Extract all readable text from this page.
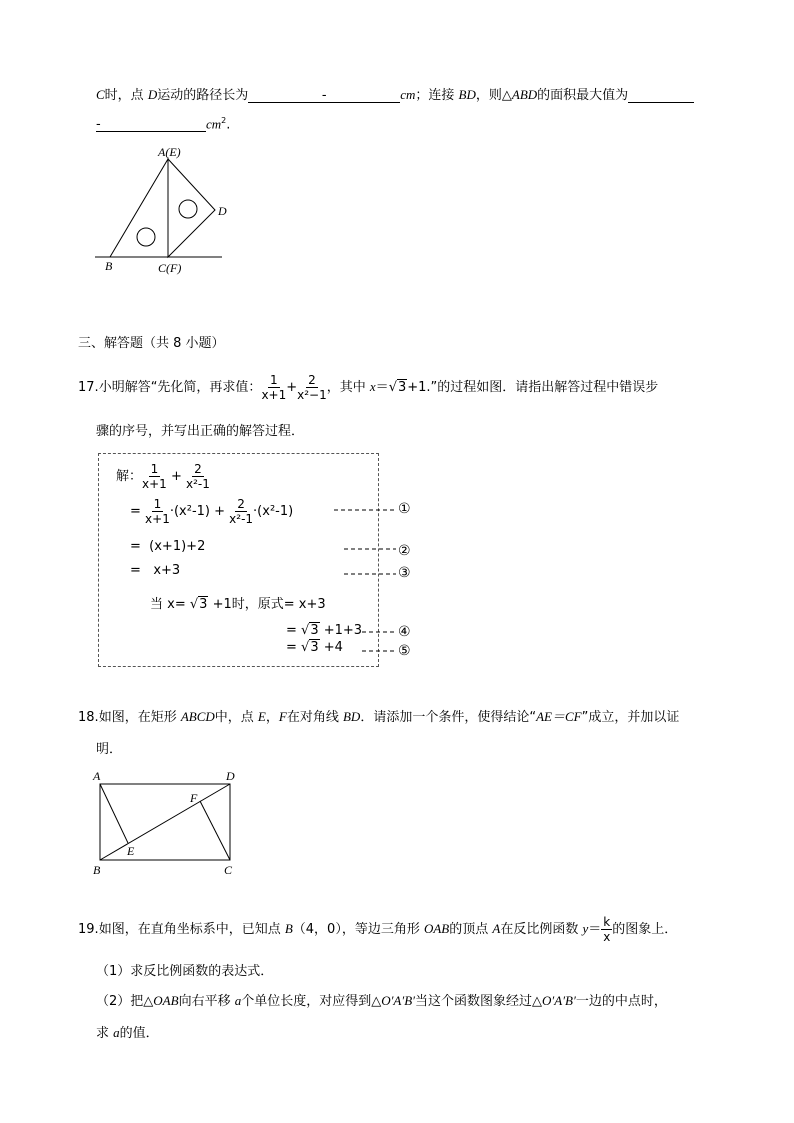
C时，点 D运动的路径长为	-	cm；连接 BD，则△ABD的面积最大值为
-	$cm^2$.
A(E)
D
B	C(F)
三、解答题（共 8 小题）
17.小明解答“先化简，再求值： $\frac{1}{x+1} + \frac{2}{\text{x²−1}}$ ，其中 x＝√3+1.”的过程如图．请指出解答过程中错误步
骤的序号，并写出正确的解答过程．
解： $\frac{1}{x+1} + \frac{2}{\text{x²-1}}$
= $\frac{1}{x+1} \cdot(x^2-1) + \frac{2}{\text{x²-1}} \cdot(x^2-1)$
= (x+1)+2
= x+3
当 x= √3 +1时，原式= x+3
= √3 +1+3
= √3 +4
①
②
③
④
⑤
18.如图，在矩形 ABCD中，点 E，F在对角线 BD．请添加一个条件，使得结论“AE＝CF”成立，并加以证
明．
A	D
F
E
B	C
19.如图，在直角坐标系中，已知点 B（4，0），等边三角形 OAB的顶点 A在反比例函数 $y= \frac{k}{x}$ 的图象上．
（1）求反比例函数的表达式．
（2）把△OAB向右平移 a个单位长度，对应得到△O′A′B′当这个函数图象经过△O′A′B′一边的中点时，
求 a的值．
